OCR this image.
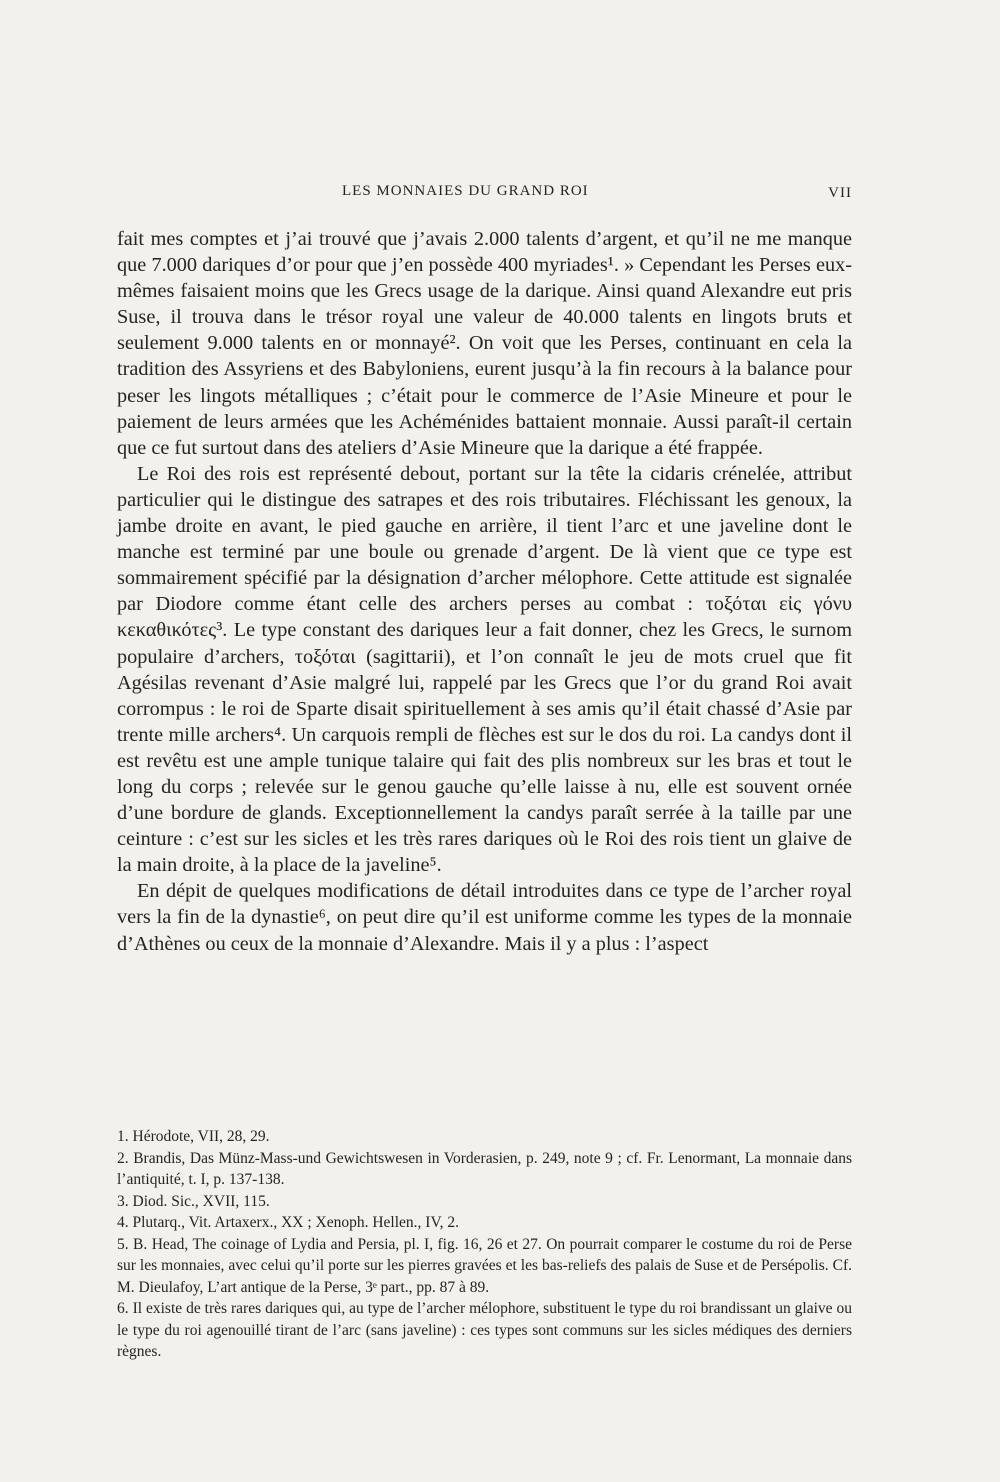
LES MONNAIES DU GRAND ROI	VII

fait mes comptes et j’ai trouvé que j’avais 2.000 talents d’argent, et qu’il ne me manque que 7.000 dariques d’or pour que j’en possède 400 myriades¹. » Cependant les Perses eux-mêmes faisaient moins que les Grecs usage de la darique. Ainsi quand Alexandre eut pris Suse, il trouva dans le trésor royal une valeur de 40.000 talents en lingots bruts et seulement 9.000 talents en or monnayé². On voit que les Perses, continuant en cela la tradition des Assyriens et des Babyloniens, eurent jusqu’à la fin recours à la balance pour peser les lingots métalliques ; c’était pour le commerce de l’Asie Mineure et pour le paiement de leurs armées que les Achéménides battaient monnaie. Aussi paraît-il certain que ce fut surtout dans des ateliers d’Asie Mineure que la darique a été frappée.

Le Roi des rois est représenté debout, portant sur la tête la cidaris crénelée, attribut particulier qui le distingue des satrapes et des rois tributaires. Fléchissant les genoux, la jambe droite en avant, le pied gauche en arrière, il tient l’arc et une javeline dont le manche est terminé par une boule ou grenade d’argent. De là vient que ce type est sommairement spécifié par la désignation d’archer mélophore. Cette attitude est signalée par Diodore comme étant celle des archers perses au combat : τοξόται εἰς γόνυ κεκαθικότες³. Le type constant des dariques leur a fait donner, chez les Grecs, le surnom populaire d’archers, τοξόται (sagittarii), et l’on connaît le jeu de mots cruel que fit Agésilas revenant d’Asie malgré lui, rappelé par les Grecs que l’or du grand Roi avait corrompus : le roi de Sparte disait spirituellement à ses amis qu’il était chassé d’Asie par trente mille archers⁴. Un carquois rempli de flèches est sur le dos du roi. La candys dont il est revêtu est une ample tunique talaire qui fait des plis nombreux sur les bras et tout le long du corps ; relevée sur le genou gauche qu’elle laisse à nu, elle est souvent ornée d’une bordure de glands. Exceptionnellement la candys paraît serrée à la taille par une ceinture : c’est sur les sicles et les très rares dariques où le Roi des rois tient un glaive de la main droite, à la place de la javeline⁵.

En dépit de quelques modifications de détail introduites dans ce type de l’archer royal vers la fin de la dynastie⁶, on peut dire qu’il est uniforme comme les types de la monnaie d’Athènes ou ceux de la monnaie d’Alexandre. Mais il y a plus : l’aspect

1. Hérodote, VII, 28, 29.

2. Brandis, Das Münz-Mass-und Gewichtswesen in Vorderasien, p. 249, note 9 ; cf. Fr. Lenormant, La monnaie dans l’antiquité, t. I, p. 137-138.

3. Diod. Sic., XVII, 115.

4. Plutarq., Vit. Artaxerx., XX ; Xenoph. Hellen., IV, 2.

5. B. Head, The coinage of Lydia and Persia, pl. I, fig. 16, 26 et 27. On pourrait comparer le costume du roi de Perse sur les monnaies, avec celui qu’il porte sur les pierres gravées et les bas-reliefs des palais de Suse et de Persépolis. Cf. M. Dieulafoy, L’art antique de la Perse, 3ᵉ part., pp. 87 à 89.

6. Il existe de très rares dariques qui, au type de l’archer mélophore, substituent le type du roi brandissant un glaive ou le type du roi agenouillé tirant de l’arc (sans javeline) : ces types sont communs sur les sicles médiques des derniers règnes.
